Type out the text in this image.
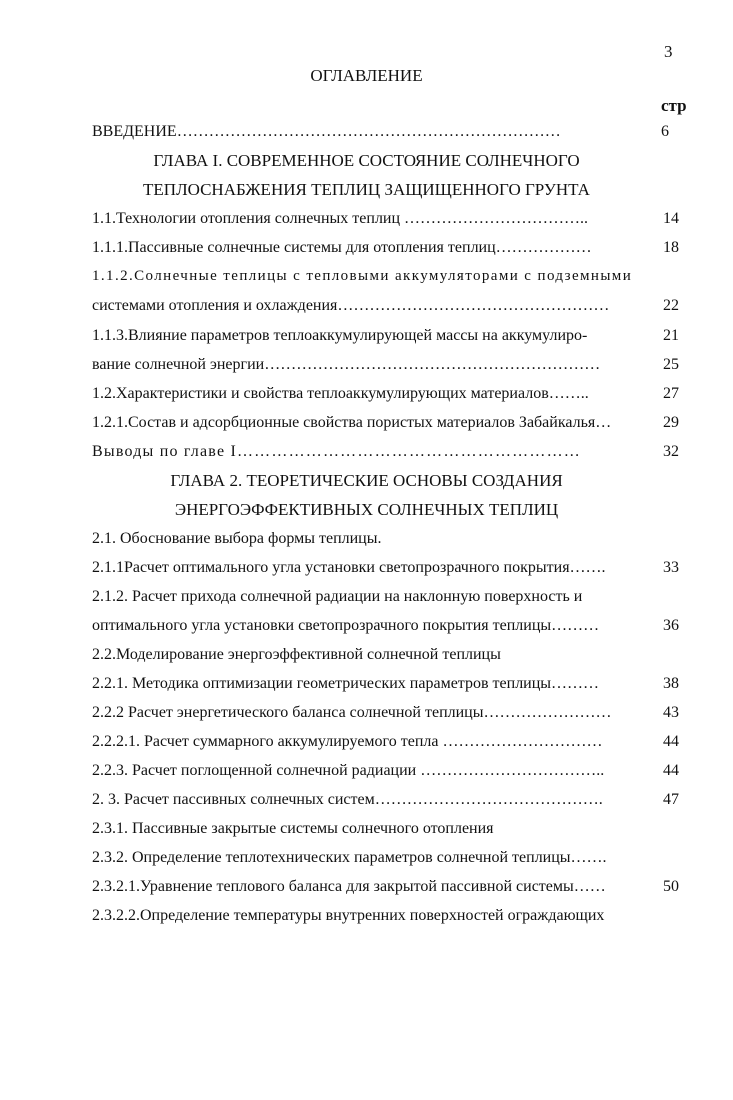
3
ОГЛАВЛЕНИЕ
стр
ВВЕДЕНИЕ………………………………………………………………	6
ГЛАВА I. СОВРЕМЕННОЕ СОСТОЯНИЕ СОЛНЕЧНОГО
ТЕПЛОСНАБЖЕНИЯ ТЕПЛИЦ ЗАЩИЩЕННОГО ГРУНТА
1.1.Технологии отопления солнечных теплиц ……………………………..	14
1.1.1.Пассивные солнечные системы для отопления теплиц………………	18
1.1.2.Солнечные теплицы с тепловыми аккумуляторами с подземными
системами отопления и охлаждения……………………………………………	22
1.1.3.Влияние параметров теплоаккумулирующей массы на аккумулиро-	21
вание солнечной энергии………………………………………………………	25
1.2.Характеристики и свойства теплоаккумулирующих материалов……..	27
1.2.1.Состав и адсорбционные свойства пористых материалов Забайкалья…	29
Выводы по главе I……………………………………………………	32
ГЛАВА 2. ТЕОРЕТИЧЕСКИЕ ОСНОВЫ СОЗДАНИЯ
ЭНЕРГОЭФФЕКТИВНЫХ СОЛНЕЧНЫХ ТЕПЛИЦ
2.1. Обоснование выбора формы теплицы.
2.1.1Расчет оптимального угла установки светопрозрачного покрытия…….	33
2.1.2. Расчет прихода солнечной радиации на наклонную поверхность и
оптимального угла установки светопрозрачного покрытия теплицы………	36
2.2.Моделирование энергоэффективной солнечной теплицы
2.2.1. Методика оптимизации геометрических параметров теплицы………	38
2.2.2 Расчет энергетического баланса солнечной теплицы……………………	43
2.2.2.1. Расчет суммарного аккумулируемого тепла …………………………	44
2.2.3. Расчет поглощенной солнечной радиации ……………………………..	44
2. 3. Расчет пассивных солнечных систем…………………………………….	47
2.3.1. Пассивные закрытые системы солнечного отопления
2.3.2. Определение теплотехнических параметров солнечной теплицы…….
2.3.2.1.Уравнение теплового баланса для закрытой пассивной системы……	50
2.3.2.2.Определение температуры внутренних поверхностей ограждающих
